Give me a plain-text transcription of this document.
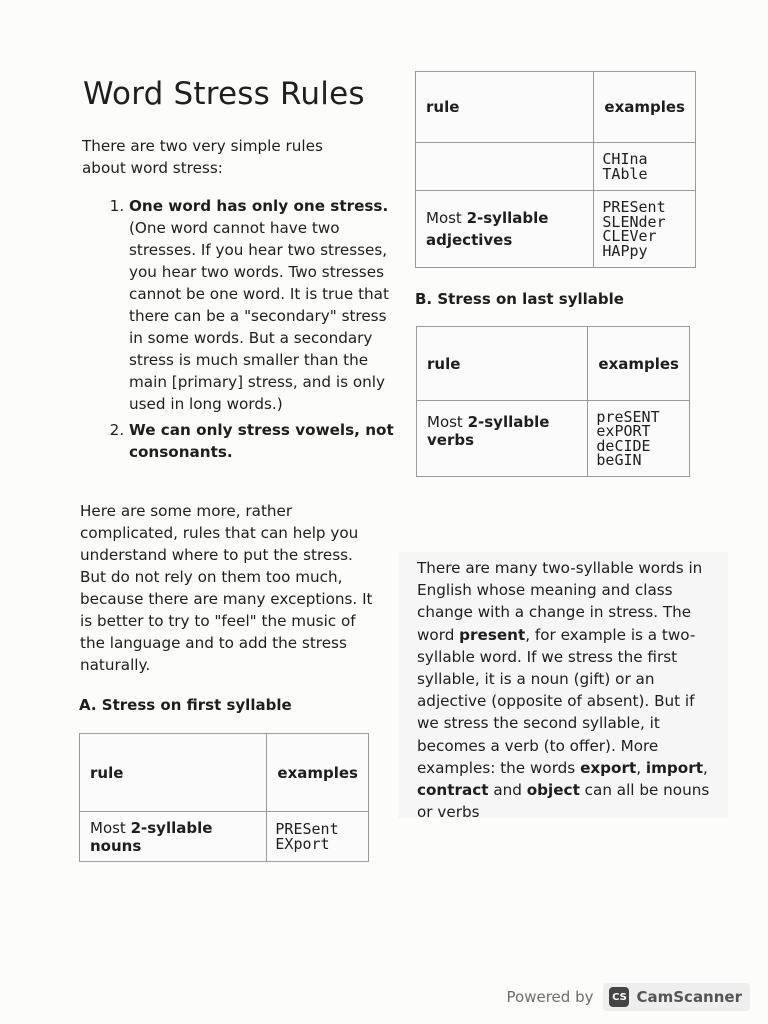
Word Stress Rules

There are two very simple rules about word stress:

1. One word has only one stress. (One word cannot have two stresses. If you hear two stresses, you hear two words. Two stresses cannot be one word. It is true that there can be a "secondary" stress in some words. But a secondary stress is much smaller than the main [primary] stress, and is only used in long words.)
2. We can only stress vowels, not consonants.

Here are some more, rather complicated, rules that can help you understand where to put the stress. But do not rely on them too much, because there are many exceptions. It is better to try to "feel" the music of the language and to add the stress naturally.

A. Stress on first syllable

rule	examples
Most 2-syllable nouns	PRESent
EXport
rule	examples

	CHIna
TAble

Most 2-syllable adjectives	PRESent
SLENder
CLEVer
HAPpy

B. Stress on last syllable

rule	examples
Most 2-syllable verbs	preSENT
exPORT
deCIDE
beGIN

There are many two-syllable words in English whose meaning and class change with a change in stress. The word present, for example is a two-syllable word. If we stress the first syllable, it is a noun (gift) or an adjective (opposite of absent). But if we stress the second syllable, it becomes a verb (to offer). More examples: the words export, import, contract and object can all be nouns or verbs

Powered by CS CamScanner
